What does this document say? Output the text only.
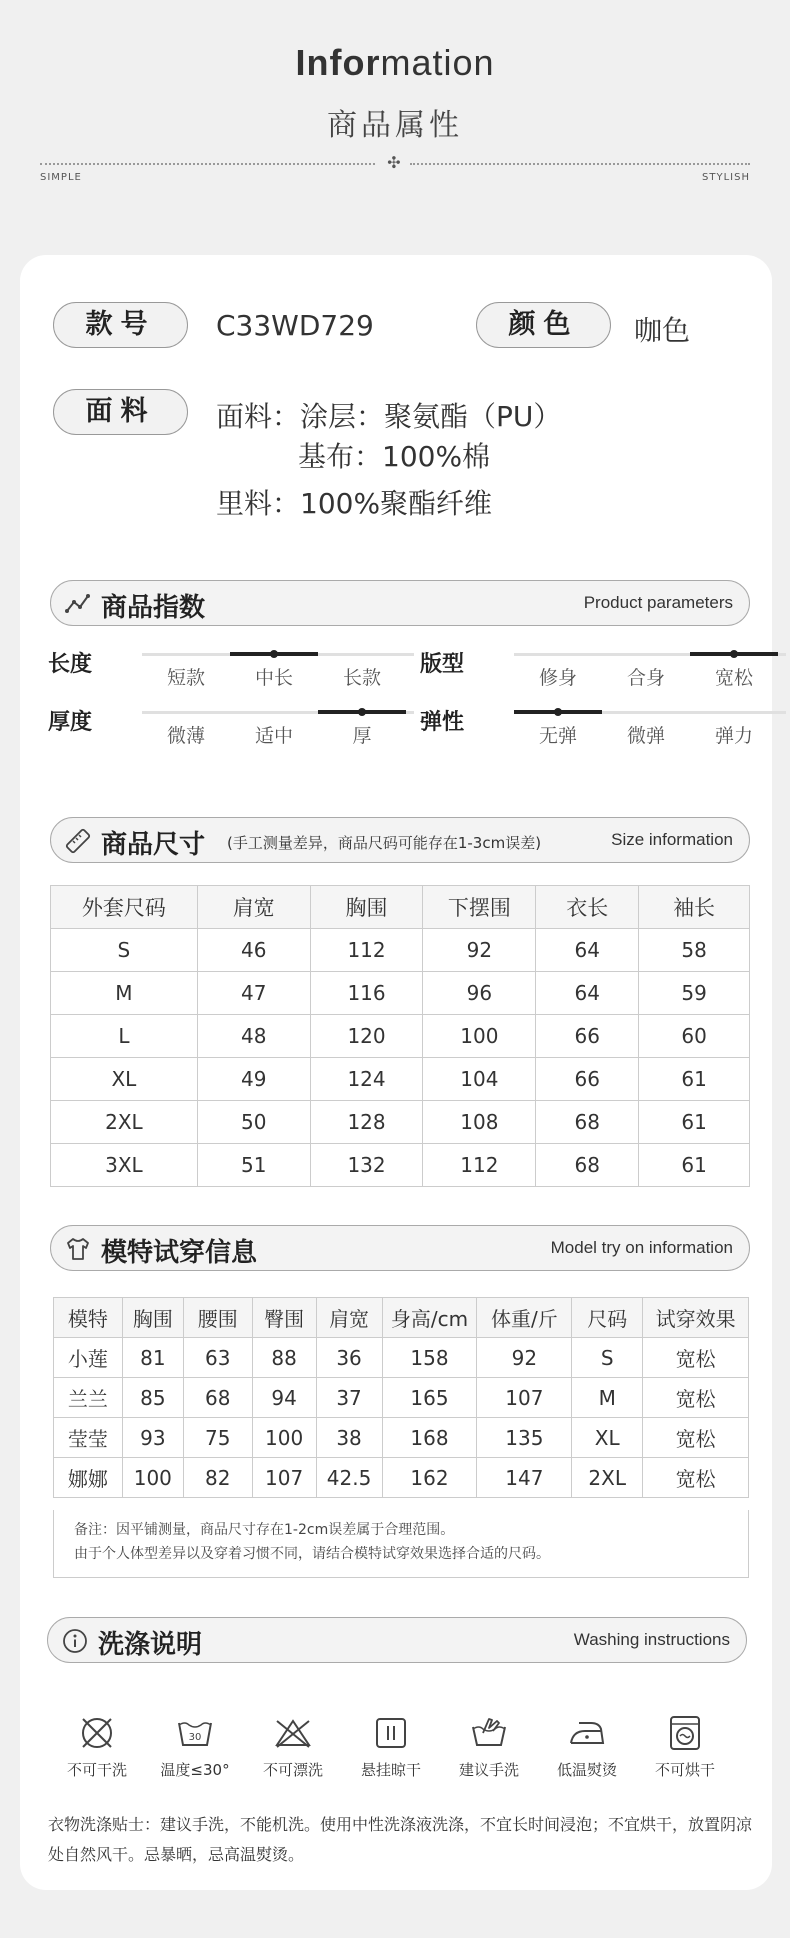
Information
商品属性
✣
SIMPLE	STYLISH
款号	C33WD729	颜色	咖色
面料	面料：涂层：聚氨酯（PU）
基布：100%棉
里料：100%聚酯纤维
商品指数	Product parameters
商品尺寸 (手工测量差异，商品尺码可能存在1-3cm误差)	Size information
外套尺码	肩宽	胸围	下摆围	衣长	袖长
S	46	112	92	64	58
M	47	116	96	64	59
L	48	120	100	66	60
XL	49	124	104	66	61
2XL	50	128	108	68	61
3XL	51	132	112	68	61
模特试穿信息	Model try on information
模特	胸围	腰围	臀围	肩宽	身高/cm	体重/斤	尺码	试穿效果
小莲	81	63	88	36	158	92	S	宽松
兰兰	85	68	94	37	165	107	M	宽松
莹莹	93	75	100	38	168	135	XL	宽松
娜娜	100	82	107	42.5	162	147	2XL	宽松
备注：因平铺测量，商品尺寸存在1-2cm误差属于合理范围。
由于个人体型差异以及穿着习惯不同，请结合模特试穿效果选择合适的尺码。
洗涤说明	Washing instructions
不可干洗
30
温度≤30°	不可漂洗	悬挂晾干	建议手洗	低温熨烫	不可烘干
衣物洗涤贴士：建议手洗，不能机洗。使用中性洗涤液洗涤，不宜长时间浸泡；不宜烘干，放置阴凉处自然风干。忌暴晒，忌高温熨烫。
长度
短款	中长	长款
版型
修身	合身	宽松
厚度
微薄	适中	厚
弹性
无弹	微弹	弹力
